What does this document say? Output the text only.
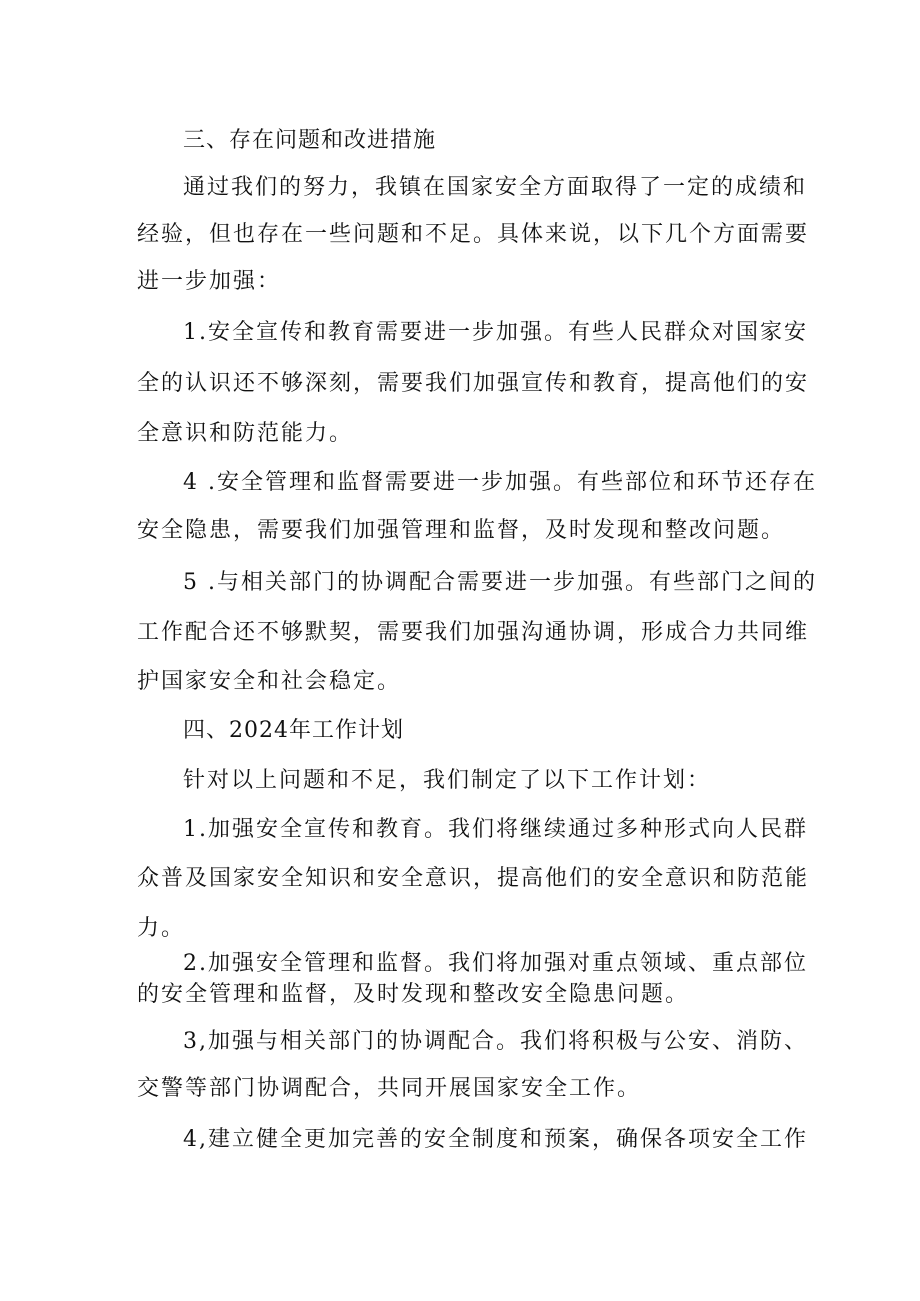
三、存在问题和改进措施
通过我们的努力，我镇在国家安全方面取得了一定的成绩和
经验，但也存在一些问题和不足。具体来说，以下几个方面需要
进一步加强：
1.安全宣传和教育需要进一步加强。有些人民群众对国家安
全的认识还不够深刻，需要我们加强宣传和教育，提高他们的安
全意识和防范能力。
4 .安全管理和监督需要进一步加强。有些部位和环节还存在
安全隐患，需要我们加强管理和监督，及时发现和整改问题。
5 .与相关部门的协调配合需要进一步加强。有些部门之间的
工作配合还不够默契，需要我们加强沟通协调，形成合力共同维
护国家安全和社会稳定。
四、2024年工作计划
针对以上问题和不足，我们制定了以下工作计划：
1.加强安全宣传和教育。我们将继续通过多种形式向人民群
众普及国家安全知识和安全意识，提高他们的安全意识和防范能
力。
2.加强安全管理和监督。我们将加强对重点领域、重点部位
的安全管理和监督，及时发现和整改安全隐患问题。
3,加强与相关部门的协调配合。我们将积极与公安、消防、
交警等部门协调配合，共同开展国家安全工作。
4,建立健全更加完善的安全制度和预案，确保各项安全工作
